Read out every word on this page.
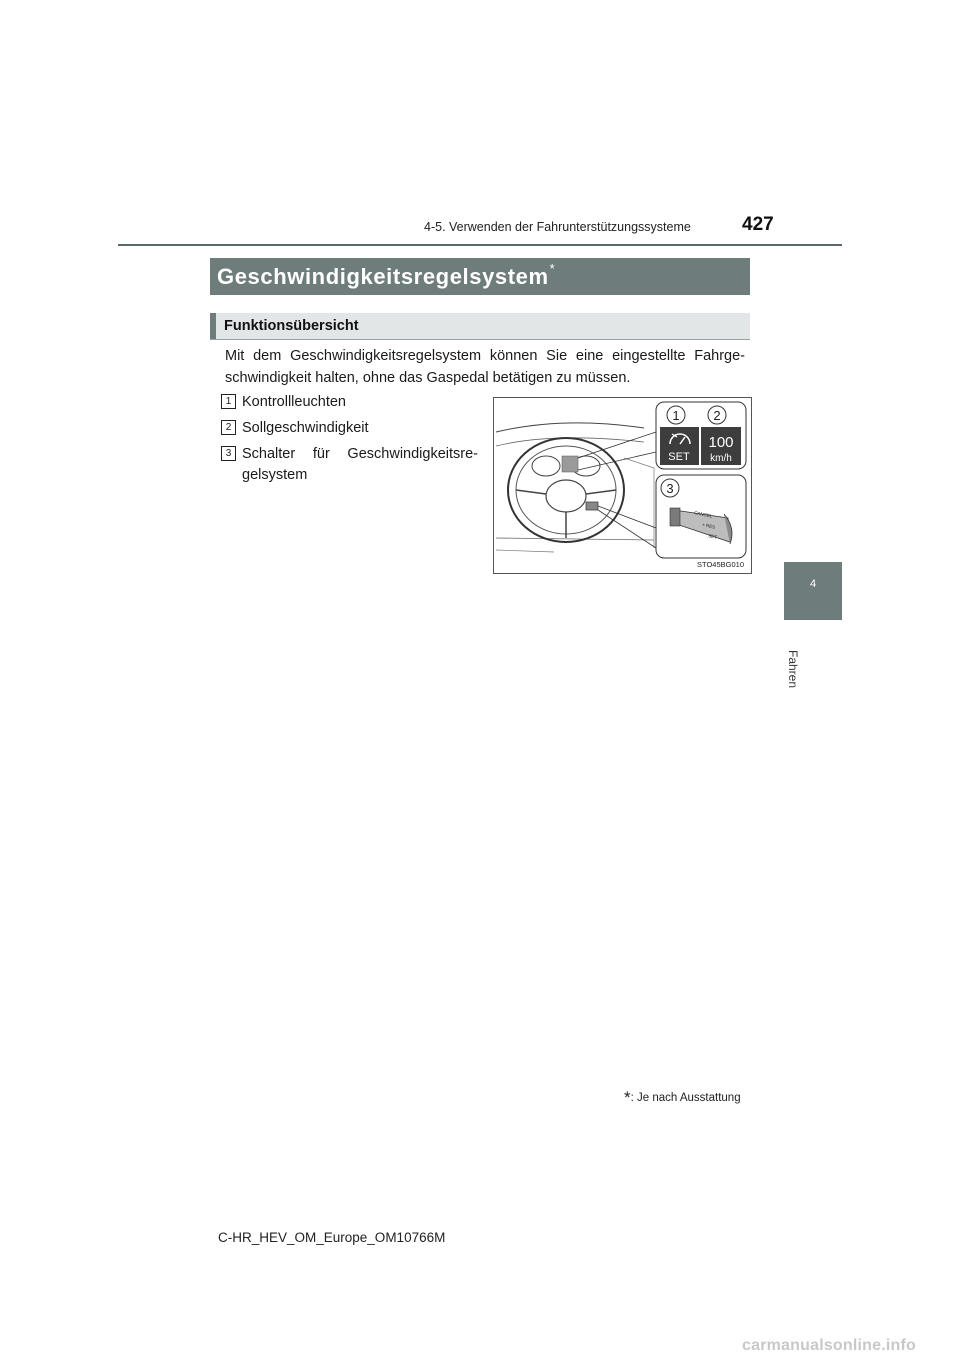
4-5. Verwenden der Fahrunterstützungssysteme	427
Geschwindigkeitsregelsystem*
Funktionsübersicht
Mit dem Geschwindigkeitsregelsystem können Sie eine eingestellte Fahrge-schwindigkeit halten, ohne das Gaspedal betätigen zu müssen.
1 Kontrollleuchten
2 Sollgeschwindigkeit
3 Schalter für Geschwindigkeitsre-gelsystem
1	2
3
SET
100
km/h
CANCEL
+ RES
SET
STO45BG010
4
Fahren
*: Je nach Ausstattung
C-HR_HEV_OM_Europe_OM10766M
carmanualsonline.info
